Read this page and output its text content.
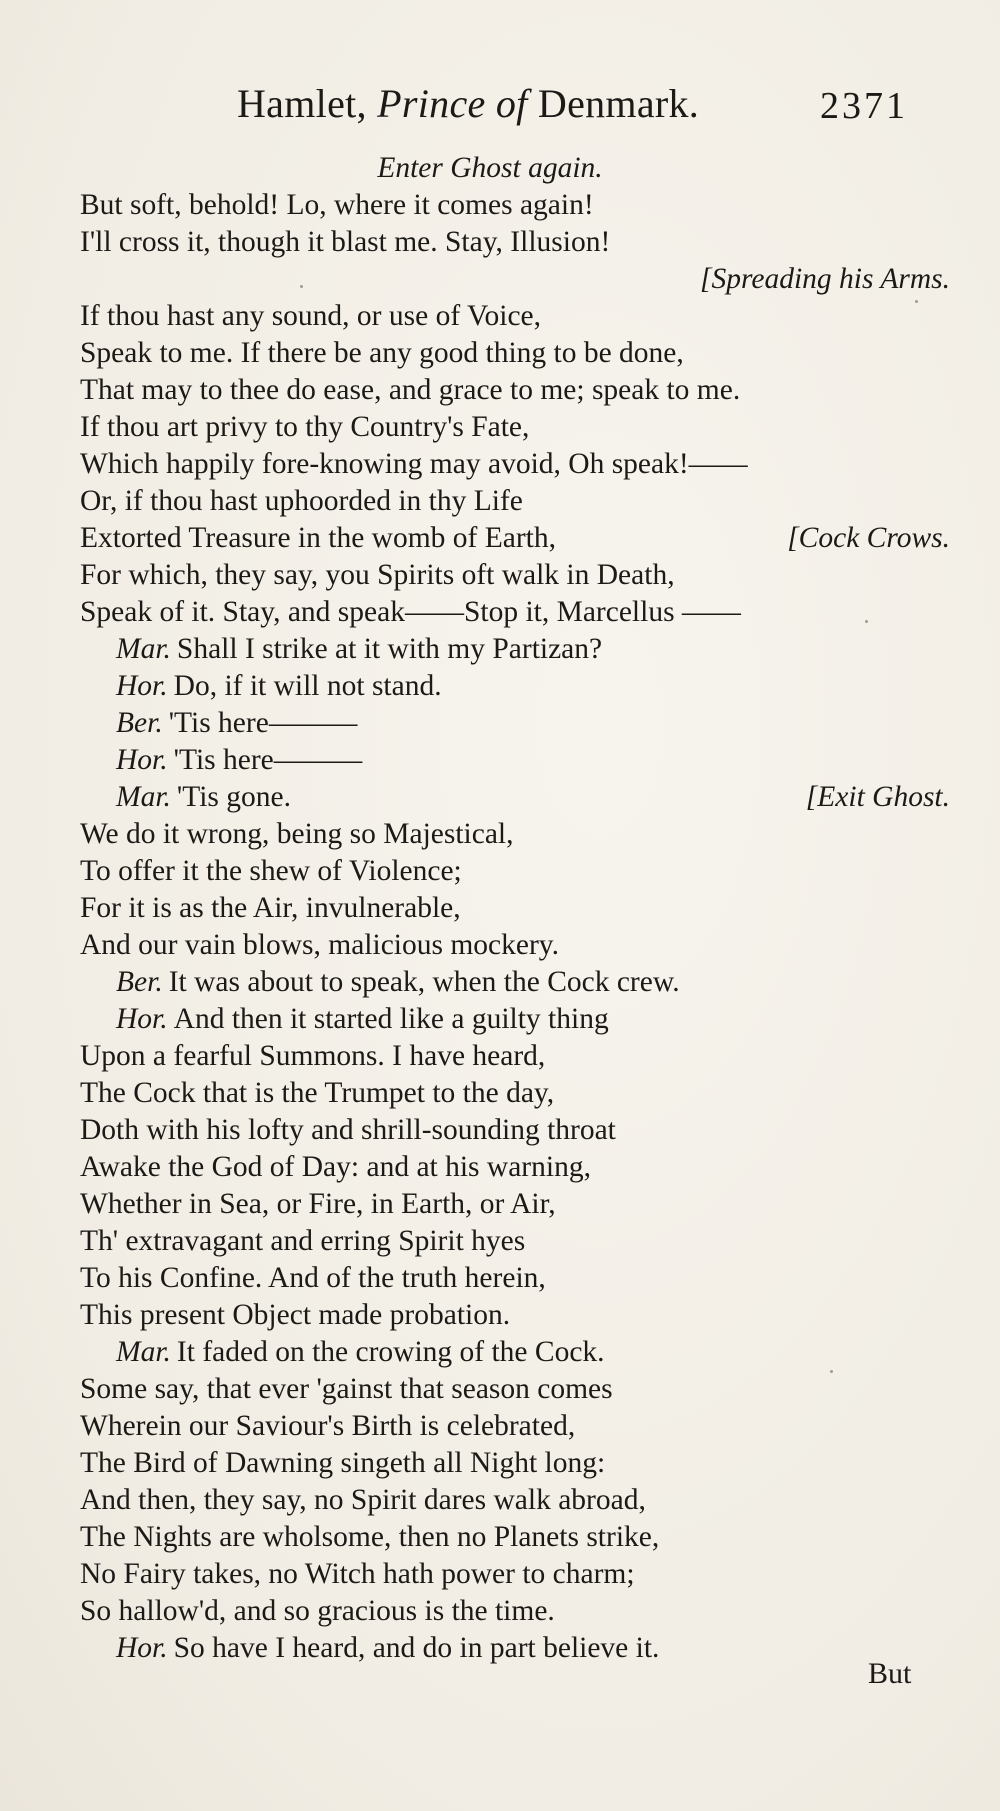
Hamlet, Prince of Denmark.	2371
Enter Ghost again.
But soft, behold! Lo, where it comes again!
I'll cross it, though it blast me. Stay, Illusion!
[Spreading his Arms.
If thou hast any sound, or use of Voice,
Speak to me. If there be any good thing to be done,
That may to thee do ease, and grace to me; speak to me.
If thou art privy to thy Country's Fate,
Which happily fore-knowing may avoid, Oh speak!——
Or, if thou hast uphoorded in thy Life
Extorted Treasure in the womb of Earth,	[Cock Crows.
For which, they say, you Spirits oft walk in Death,
Speak of it. Stay, and speak——Stop it, Marcellus ——
Mar. Shall I strike at it with my Partizan?
Hor. Do, if it will not stand.
Ber. 'Tis here———
Hor. 'Tis here———
Mar. 'Tis gone.	[Exit Ghost.
We do it wrong, being so Majestical,
To offer it the shew of Violence;
For it is as the Air, invulnerable,
And our vain blows, malicious mockery.
Ber. It was about to speak, when the Cock crew.
Hor. And then it started like a guilty thing
Upon a fearful Summons. I have heard,
The Cock that is the Trumpet to the day,
Doth with his lofty and shrill-sounding throat
Awake the God of Day: and at his warning,
Whether in Sea, or Fire, in Earth, or Air,
Th' extravagant and erring Spirit hyes
To his Confine. And of the truth herein,
This present Object made probation.
Mar. It faded on the crowing of the Cock.
Some say, that ever 'gainst that season comes
Wherein our Saviour's Birth is celebrated,
The Bird of Dawning singeth all Night long:
And then, they say, no Spirit dares walk abroad,
The Nights are wholsome, then no Planets strike,
No Fairy takes, no Witch hath power to charm;
So hallow'd, and so gracious is the time.
Hor. So have I heard, and do in part believe it.
But
